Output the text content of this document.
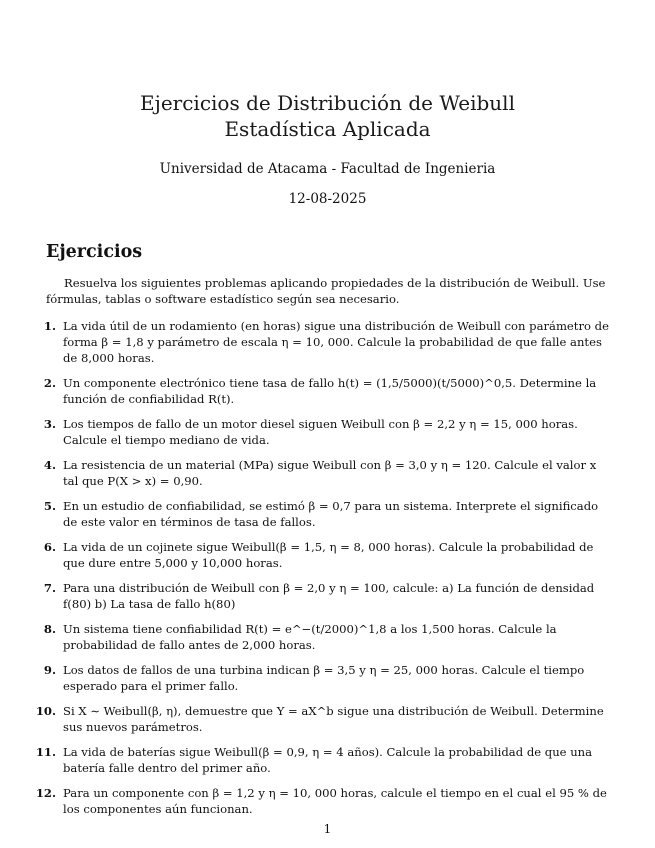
Ejercicios de Distribución de Weibull
Estadística Aplicada
Universidad de Atacama - Facultad de Ingenieria
12-08-2025
Ejercicios
Resuelva los siguientes problemas aplicando propiedades de la distribución de Weibull. Use fórmulas, tablas o software estadístico según sea necesario.
1. La vida útil de un rodamiento (en horas) sigue una distribución de Weibull con parámetro de forma β = 1,8 y parámetro de escala η = 10, 000. Calcule la probabilidad de que falle antes de 8,000 horas.
2. Un componente electrónico tiene tasa de fallo h(t) = (1,5/5000)(t/5000)^0,5. Determine la función de confiabilidad R(t).
3. Los tiempos de fallo de un motor diesel siguen Weibull con β = 2,2 y η = 15, 000 horas. Calcule el tiempo mediano de vida.
4. La resistencia de un material (MPa) sigue Weibull con β = 3,0 y η = 120. Calcule el valor x tal que P(X > x) = 0,90.
5. En un estudio de confiabilidad, se estimó β = 0,7 para un sistema. Interprete el significado de este valor en términos de tasa de fallos.
6. La vida de un cojinete sigue Weibull(β = 1,5, η = 8, 000 horas). Calcule la probabilidad de que dure entre 5,000 y 10,000 horas.
7. Para una distribución de Weibull con β = 2,0 y η = 100, calcule: a) La función de densidad f(80) b) La tasa de fallo h(80)
8. Un sistema tiene confiabilidad R(t) = e^−(t/2000)^1,8 a los 1,500 horas. Calcule la probabilidad de fallo antes de 2,000 horas.
9. Los datos de fallos de una turbina indican β = 3,5 y η = 25, 000 horas. Calcule el tiempo esperado para el primer fallo.
10. Si X ∼ Weibull(β, η), demuestre que Y = aX^b sigue una distribución de Weibull. Determine sus nuevos parámetros.
11. La vida de baterías sigue Weibull(β = 0,9, η = 4 años). Calcule la probabilidad de que una batería falle dentro del primer año.
12. Para un componente con β = 1,2 y η = 10, 000 horas, calcule el tiempo en el cual el 95 % de los componentes aún funcionan.
1
